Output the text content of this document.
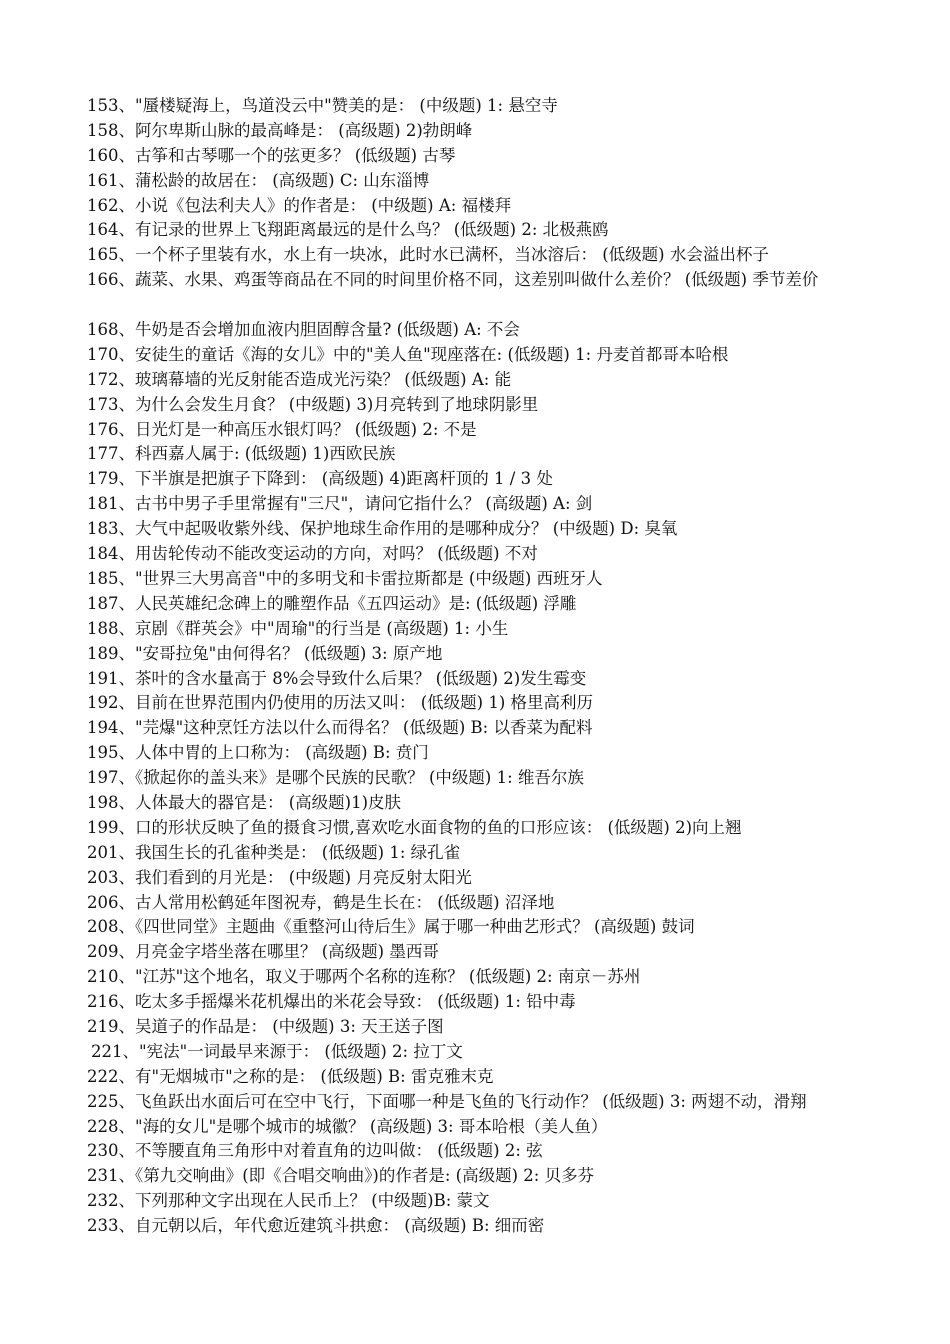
153、"蜃楼疑海上，鸟道没云中"赞美的是： (中级题) 1: 悬空寺
158、阿尔卑斯山脉的最高峰是： (高级题) 2)勃朗峰
160、古筝和古琴哪一个的弦更多？ (低级题) 古琴
161、蒲松龄的故居在： (高级题) C: 山东淄博
162、小说《包法利夫人》的作者是： (中级题) A: 福楼拜
164、有记录的世界上飞翔距离最远的是什么鸟？ (低级题) 2: 北极燕鸥
165、一个杯子里装有水，水上有一块冰，此时水已满杯，当冰溶后： (低级题) 水会溢出杯子
166、蔬菜、水果、鸡蛋等商品在不同的时间里价格不同，这差别叫做什么差价？ (低级题) 季节差价
168、牛奶是否会增加血液内胆固醇含量? (低级题) A: 不会
170、安徒生的童话《海的女儿》中的"美人鱼"现座落在: (低级题) 1: 丹麦首都哥本哈根
172、玻璃幕墙的光反射能否造成光污染？ (低级题) A: 能
173、为什么会发生月食？ (中级题) 3)月亮转到了地球阴影里
176、日光灯是一种高压水银灯吗？ (低级题) 2: 不是
177、科西嘉人属于: (低级题) 1)西欧民族
179、下半旗是把旗子下降到： (高级题) 4)距离杆顶的 1 / 3 处
181、古书中男子手里常握有"三尺"，请问它指什么？ (高级题) A: 剑
183、大气中起吸收紫外线、保护地球生命作用的是哪种成分？ (中级题) D: 臭氧
184、用齿轮传动不能改变运动的方向，对吗？ (低级题) 不对
185、"世界三大男高音"中的多明戈和卡雷拉斯都是 (中级题) 西班牙人
187、人民英雄纪念碑上的雕塑作品《五四运动》是: (低级题) 浮雕
188、京剧《群英会》中"周瑜"的行当是 (高级题) 1: 小生
189、"安哥拉兔"由何得名？ (低级题) 3: 原产地
191、茶叶的含水量高于 8%会导致什么后果？ (低级题) 2)发生霉变
192、目前在世界范围内仍使用的历法又叫： (低级题) 1) 格里高利历
194、"芫爆"这种烹饪方法以什么而得名？ (低级题) B: 以香菜为配料
195、人体中胃的上口称为： (高级题) B: 贲门
197、《掀起你的盖头来》是哪个民族的民歌？ (中级题) 1: 维吾尔族
198、人体最大的器官是： (高级题)1)皮肤
199、口的形状反映了鱼的摄食习惯,喜欢吃水面食物的鱼的口形应该： (低级题) 2)向上翘
201、我国生长的孔雀种类是： (低级题) 1: 绿孔雀
203、我们看到的月光是： (中级题) 月亮反射太阳光
206、古人常用松鹤延年图祝寿，鹤是生长在： (低级题) 沼泽地
208、《四世同堂》主题曲《重整河山待后生》属于哪一种曲艺形式？ (高级题) 鼓词
209、月亮金字塔坐落在哪里？ (高级题) 墨西哥
210、"江苏"这个地名，取义于哪两个名称的连称？ (低级题) 2: 南京－苏州
216、吃太多手摇爆米花机爆出的米花会导致： (低级题) 1: 铅中毒
219、吴道子的作品是： (中级题) 3: 天王送子图
221、"宪法"一词最早来源于： (低级题) 2: 拉丁文
222、有"无烟城市"之称的是： (低级题) B: 雷克雅末克
225、飞鱼跃出水面后可在空中飞行，下面哪一种是飞鱼的飞行动作？ (低级题) 3: 两翅不动，滑翔
228、"海的女儿"是哪个城市的城徽？ (高级题) 3: 哥本哈根（美人鱼）
230、不等腰直角三角形中对着直角的边叫做： (低级题) 2: 弦
231、《第九交响曲》(即《合唱交响曲》)的作者是: (高级题) 2: 贝多芬
232、下列那种文字出现在人民币上？ (中级题)B: 蒙文
233、自元朝以后，年代愈近建筑斗拱愈： (高级题) B: 细而密
